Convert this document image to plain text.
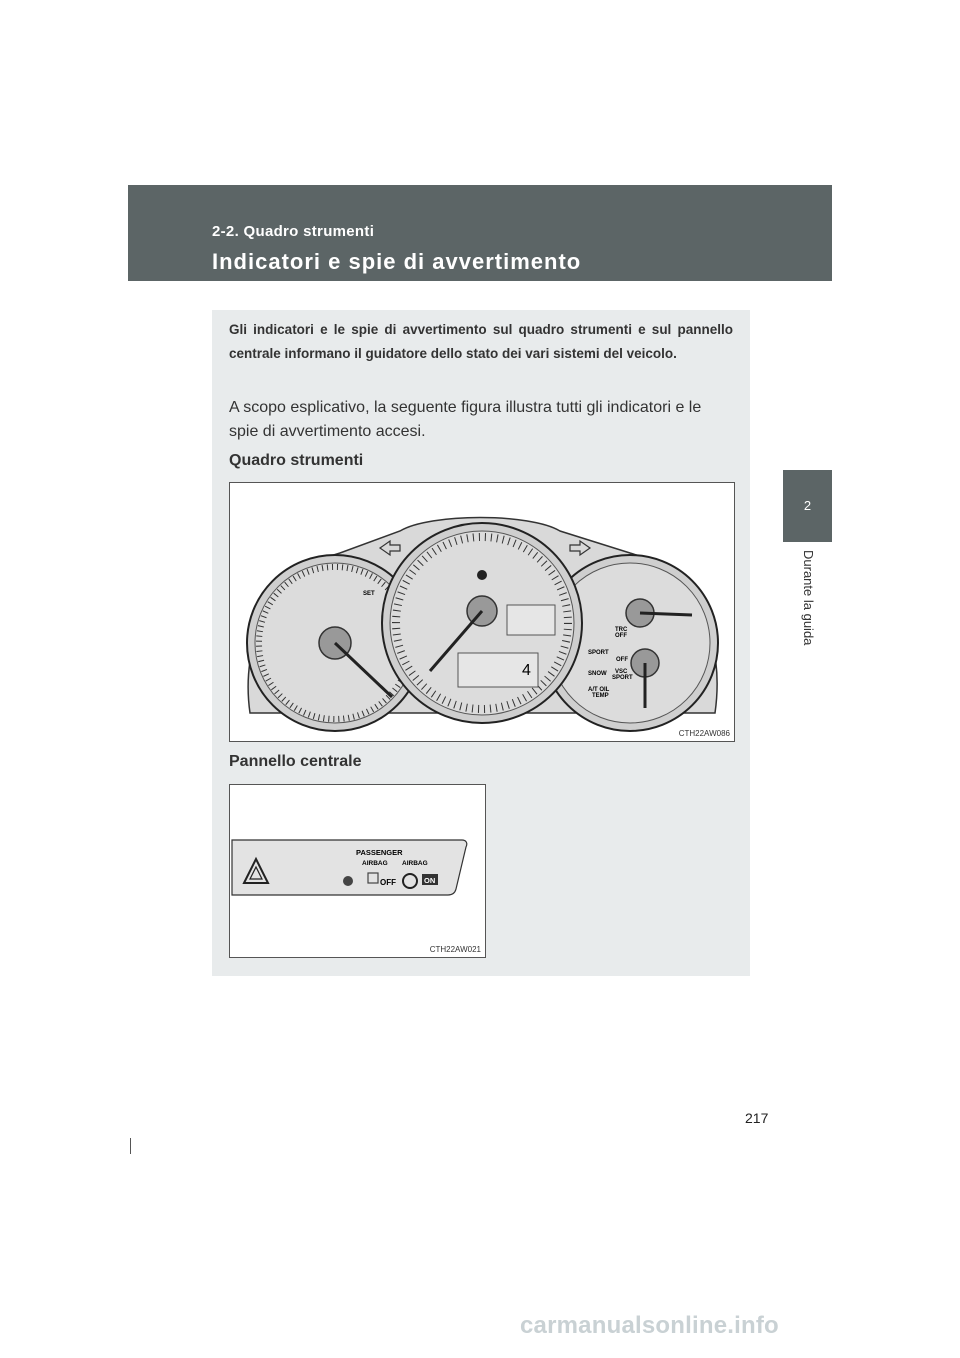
2-2. Quadro strumenti
Indicatori e spie di avvertimento
2
Durante la guida
Gli indicatori e le spie di avvertimento sul quadro strumenti e sul pannello centrale informano il guidatore dello stato dei vari sistemi del veicolo.
A scopo esplicativo, la seguente figura illustra tutti gli indicatori e le spie di avvertimento accesi.
Quadro strumenti
SET
TRC
OFF
OFF
SPORT
SNOW VSC
SPORT
A/T OIL
TEMP
4
CTH22AW086
Pannello centrale
PASSENGER
AIRBAG AIRBAG
OFF	ON
CTH22AW021
217
carmanualsonline.info
